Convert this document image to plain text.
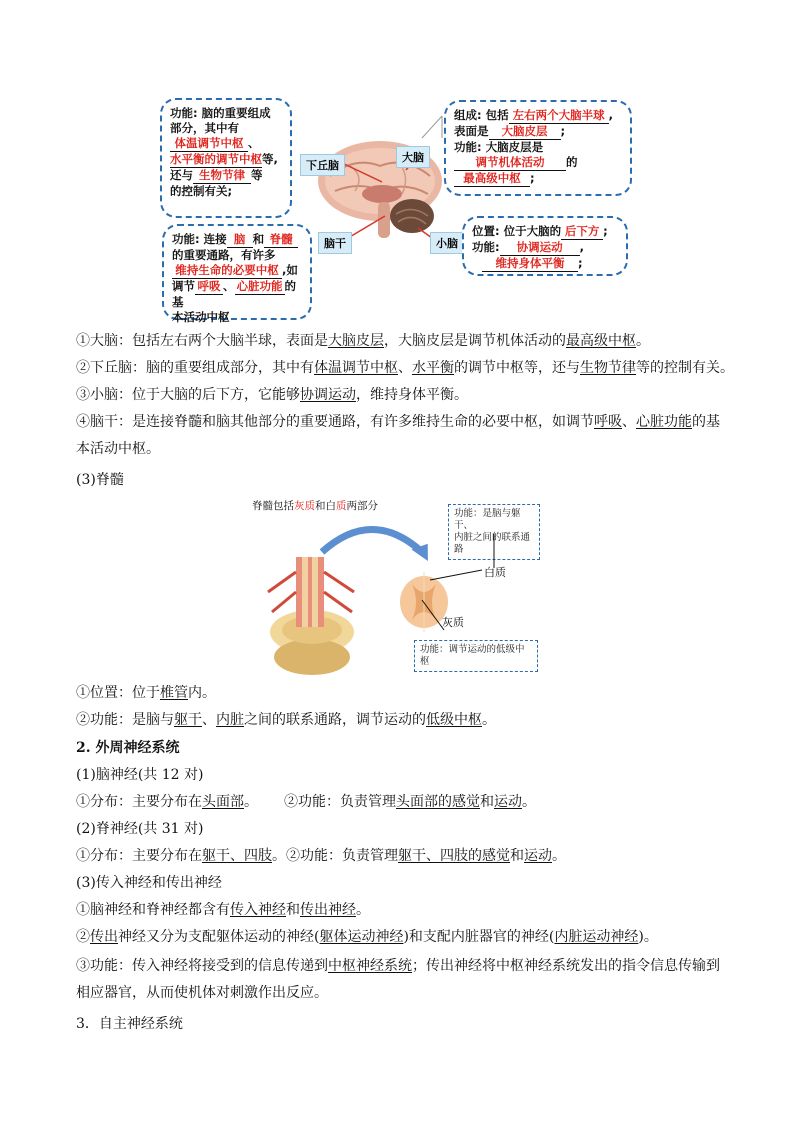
下丘脑
大脑
脑干	小脑
功能: 脑的重要组成
部分，其中有
体温调节中枢 、
水平衡的调节中枢等,
还与 生物节律 等
的控制有关;
组成: 包括 左右两个大脑半球 ,
表面是 大脑皮层 ;
功能: 大脑皮层是
调节机体活动 的
最高级中枢 ;
功能: 连接 脑 和 脊髓
的重要通路，有许多
维持生命的必要中枢 ,如
调节 呼吸 、 心脏功能 的基
本活动中枢
位置: 位于大脑的 后下方 ;
功能: 协调运动 ,
维持身体平衡 ;
①大脑：包括左右两个大脑半球，表面是大脑皮层，大脑皮层是调节机体活动的最高级中枢。
②下丘脑：脑的重要组成部分，其中有体温调节中枢、水平衡的调节中枢等，还与生物节律等的控制有关。
③小脑：位于大脑的后下方，它能够协调运动，维持身体平衡。
④脑干：是连接脊髓和脑其他部分的重要通路，有许多维持生命的必要中枢，如调节呼吸、心脏功能的基
本活动中枢。
(3)脊髓
脊髓包括灰质和白质两部分
功能：是脑与躯干、
内脏之间的联系通路
白质
灰质
功能：调节运动的低级中枢
①位置：位于椎管内。
②功能：是脑与躯干、内脏之间的联系通路，调节运动的低级中枢。
2. 外周神经系统
(1)脑神经(共 12 对)
①分布：主要分布在头面部。 ②功能：负责管理头面部的感觉和运动。
(2)脊神经(共 31 对)
①分布：主要分布在躯干、四肢。②功能：负责管理躯干、四肢的感觉和运动。
(3)传入神经和传出神经
①脑神经和脊神经都含有传入神经和传出神经。
②传出神经又分为支配躯体运动的神经(躯体运动神经)和支配内脏器官的神经(内脏运动神经)。
③功能：传入神经将接受到的信息传递到中枢神经系统；传出神经将中枢神经系统发出的指令信息传输到
相应器官，从而使机体对刺激作出反应。
3．自主神经系统
